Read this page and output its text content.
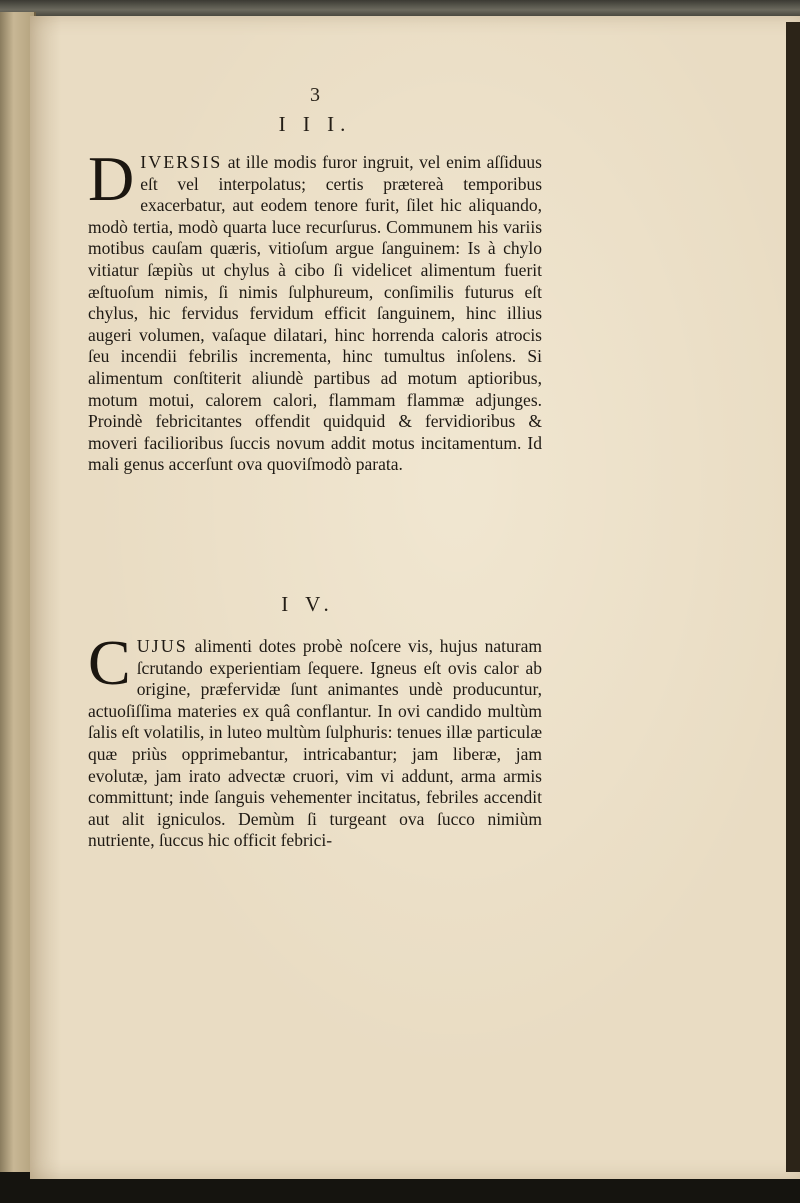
3
I I I.
D IVERSIS at ille modis furor ingruit, vel enim aſſiduus eſt vel interpolatus; certis prætereà temporibus exacerbatur, aut eodem tenore furit, ſilet hic aliquando, modò tertia, modò quarta luce recurſurus. Communem his variis motibus cauſam quæris, vitioſum argue ſanguinem: Is à chylo vitiatur ſæpiùs ut chylus à cibo ſi videlicet alimentum fuerit æſtuoſum nimis, ſi nimis ſulphureum, conſimilis futurus eſt chylus, hic fervidus fervidum efficit ſanguinem, hinc illius augeri volumen, vaſaque dilatari, hinc horrenda caloris atrocis ſeu incendii febrilis incrementa, hinc tumultus inſolens. Si alimentum conſtiterit aliundè partibus ad motum aptioribus, motum motui, calorem calori, flammam flammæ adjunges. Proindè febricitantes offendit quidquid & fervidioribus & moveri facilioribus ſuccis novum addit motus incitamentum. Id mali genus accerſunt ova quoviſmodò parata.
I V.
C UJUS alimenti dotes probè noſcere vis, hujus naturam ſcrutando experientiam ſequere. Igneus eſt ovis calor ab origine, præfervidæ ſunt animantes undè producuntur, actuoſiſſima materies ex quâ conflantur. In ovi candido multùm ſalis eſt volatilis, in luteo multùm ſulphuris: tenues illæ particulæ quæ priùs opprimebantur, intricabantur; jam liberæ, jam evolutæ, jam irato advectæ cruori, vim vi addunt, arma armis committunt; inde ſanguis vehementer incitatus, febriles accendit aut alit igniculos. Demùm ſi turgeant ova ſucco nimiùm nutriente, ſuccus hic officit febrici-
